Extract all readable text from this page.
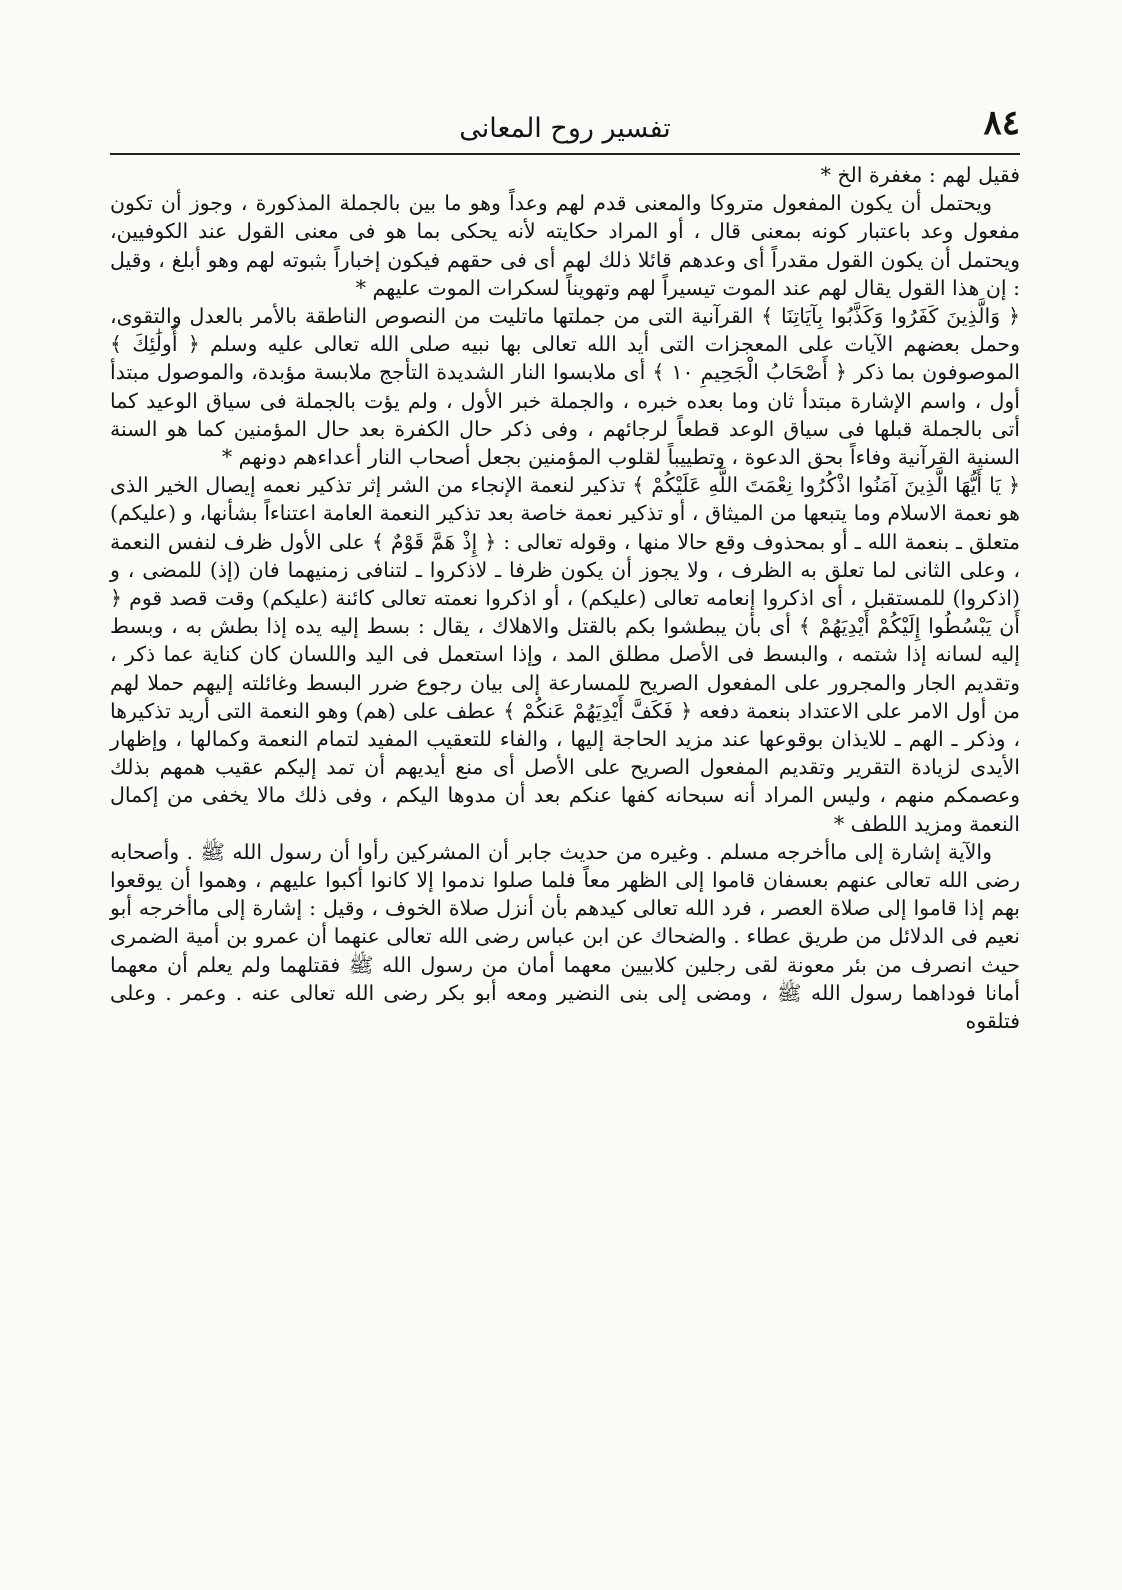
٨٤
تفسير روح المعانى

فقيل لهم : مغفرة الخ *

ويحتمل أن يكون المفعول متروكا والمعنى قدم لهم وعداً وهو ما بين بالجملة المذكورة ، وجوز أن تكون مفعول وعد باعتبار كونه بمعنى قال ، أو المراد حكايته لأنه يحكى بما هو فى معنى القول عند الكوفيين، ويحتمل أن يكون القول مقدراً أى وعدهم قائلا ذلك لهم أى فى حقهم فيكون إخباراً بثبوته لهم وهو أبلغ ، وقيل : إن هذا القول يقال لهم عند الموت تيسيراً لهم وتهويناً لسكرات الموت عليهم *

﴿ وَالَّذِينَ كَفَرُوا وَكَذَّبُوا بِآيَاتِنَا ﴾ القرآنية التى من جملتها ماتليت من النصوص الناطقة بالأمر بالعدل والتقوى، وحمل بعضهم الآيات على المعجزات التى أيد الله تعالى بها نبيه صلى الله تعالى عليه وسلم ﴿ أُولَٰئِكَ ﴾ الموصوفون بما ذكر ﴿ أَصْحَابُ الْجَحِيمِ ١٠ ﴾ أى ملابسوا النار الشديدة التأجج ملابسة مؤبدة، والموصول مبتدأ أول ، واسم الإشارة مبتدأ ثان وما بعده خبره ، والجملة خبر الأول ، ولم يؤت بالجملة فى سياق الوعيد كما أتى بالجملة قبلها فى سياق الوعد قطعاً لرجائهم ، وفى ذكر حال الكفرة بعد حال المؤمنين كما هو السنة السنية القرآنية وفاءاً بحق الدعوة ، وتطييباً لقلوب المؤمنين بجعل أصحاب النار أعداءهم دونهم *

﴿ يَا أَيُّهَا الَّذِينَ آمَنُوا اذْكُرُوا نِعْمَتَ اللَّهِ عَلَيْكُمْ ﴾ تذكير لنعمة الإنجاء من الشر إثر تذكير نعمه إيصال الخير الذى هو نعمة الاسلام وما يتبعها من الميثاق ، أو تذكير نعمة خاصة بعد تذكير النعمة العامة اعتناءاً بشأنها، و (عليكم) متعلق ـ بنعمة الله ـ أو بمحذوف وقع حالا منها ، وقوله تعالى : ﴿ إِذْ هَمَّ قَوْمٌ ﴾ على الأول ظرف لنفس النعمة ، وعلى الثانى لما تعلق به الظرف ، ولا يجوز أن يكون ظرفا ـ لاذكروا ـ لتنافى زمنيهما فان (إذ) للمضى ، و (اذكروا) للمستقبل ، أى اذكروا إنعامه تعالى (عليكم) ، أو اذكروا نعمته تعالى كائنة (عليكم) وقت قصد قوم ﴿ أَن يَبْسُطُوا إِلَيْكُمْ أَيْدِيَهُمْ ﴾ أى بأن يبطشوا بكم بالقتل والاهلاك ، يقال : بسط إليه يده إذا بطش به ، وبسط إليه لسانه إذا شتمه ، والبسط فى الأصل مطلق المد ، وإذا استعمل فى اليد واللسان كان كناية عما ذكر ، وتقديم الجار والمجرور على المفعول الصريح للمسارعة إلى بيان رجوع ضرر البسط وغائلته إليهم حملا لهم من أول الامر على الاعتداد بنعمة دفعه ﴿ فَكَفَّ أَيْدِيَهُمْ عَنكُمْ ﴾ عطف على (هم) وهو النعمة التى أريد تذكيرها ، وذكر ـ الهم ـ للايذان بوقوعها عند مزيد الحاجة إليها ، والفاء للتعقيب المفيد لتمام النعمة وكمالها ، وإظهار الأيدى لزيادة التقرير وتقديم المفعول الصريح على الأصل أى منع أيديهم أن تمد إليكم عقيب همهم بذلك وعصمكم منهم ، وليس المراد أنه سبحانه كفها عنكم بعد أن مدوها اليكم ، وفى ذلك مالا يخفى من إكمال النعمة ومزيد اللطف *

والآية إشارة إلى ماأخرجه مسلم . وغيره من حديث جابر أن المشركين رأوا أن رسول الله ﷺ . وأصحابه رضى الله تعالى عنهم بعسفان قاموا إلى الظهر معاً فلما صلوا ندموا إلا كانوا أكبوا عليهم ، وهموا أن يوقعوا بهم إذا قاموا إلى صلاة العصر ، فرد الله تعالى كيدهم بأن أنزل صلاة الخوف ، وقيل : إشارة إلى ماأخرجه أبو نعيم فى الدلائل من طريق عطاء . والضحاك عن ابن عباس رضى الله تعالى عنهما أن عمرو بن أمية الضمرى حيث انصرف من بئر معونة لقى رجلين كلابيين معهما أمان من رسول الله ﷺ فقتلهما ولم يعلم أن معهما أمانا فوداهما رسول الله ﷺ ، ومضى إلى بنى النضير ومعه أبو بكر رضى الله تعالى عنه . وعمر . وعلى فتلقوه
